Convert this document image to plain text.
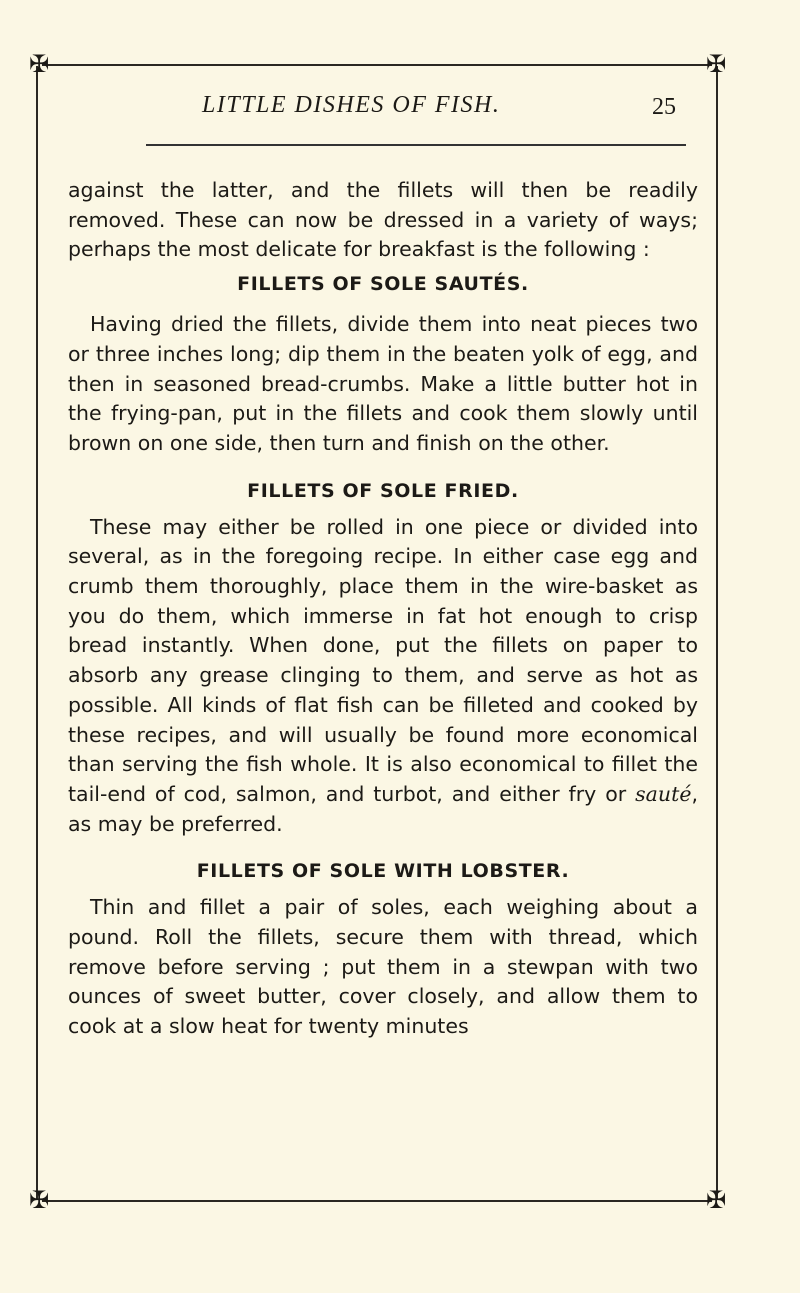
✠	✠
✠	✠
LITTLE DISHES OF FISH.	25

against the latter, and the fillets will then be readily removed. These can now be dressed in a variety of ways; perhaps the most delicate for breakfast is the following :

FILLETS OF SOLE SAUTÉS.

Having dried the fillets, divide them into neat pieces two or three inches long; dip them in the beaten yolk of egg, and then in seasoned bread-crumbs. Make a little butter hot in the frying-pan, put in the fillets and cook them slowly until brown on one side, then turn and finish on the other.

FILLETS OF SOLE FRIED.

These may either be rolled in one piece or divided into several, as in the foregoing recipe. In either case egg and crumb them thoroughly, place them in the wire-basket as you do them, which immerse in fat hot enough to crisp bread instantly. When done, put the fillets on paper to absorb any grease clinging to them, and serve as hot as possible. All kinds of flat fish can be filleted and cooked by these recipes, and will usually be found more economical than serving the fish whole. It is also economical to fillet the tail-end of cod, salmon, and turbot, and either fry or sauté, as may be preferred.

FILLETS OF SOLE WITH LOBSTER.

Thin and fillet a pair of soles, each weighing about a pound. Roll the fillets, secure them with thread, which remove before serving ; put them in a stewpan with two ounces of sweet butter, cover closely, and allow them to cook at a slow heat for twenty minutes
